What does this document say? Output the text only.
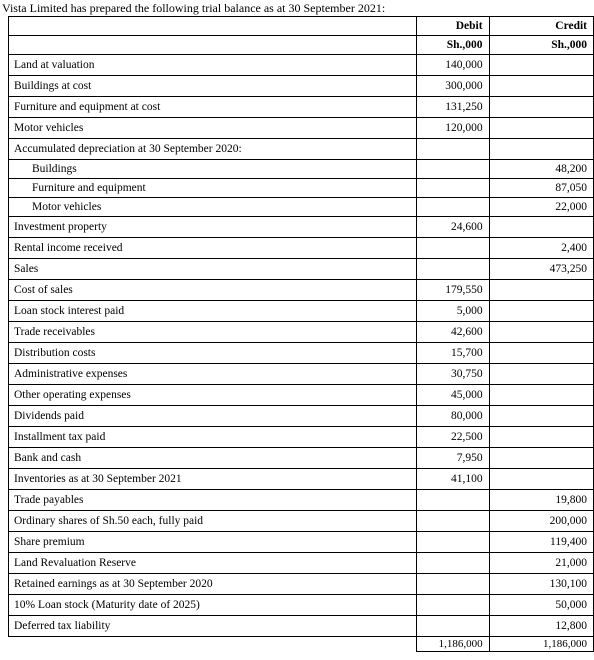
Vista Limited has prepared the following trial balance as at 30 September 2021:
	Debit	Credit
	Sh.,000	Sh.,000
Land at valuation	140,000	
Buildings at cost	300,000	
Furniture and equipment at cost	131,250	
Motor vehicles	120,000	
Accumulated depreciation at 30 September 2020:		
Buildings		48,200
Furniture and equipment		87,050
Motor vehicles		22,000
Investment property	24,600	
Rental income received		2,400
Sales		473,250
Cost of sales	179,550	
Loan stock interest paid	5,000	
Trade receivables	42,600	
Distribution costs	15,700	
Administrative expenses	30,750	
Other operating expenses	45,000	
Dividends paid	80,000	
Installment tax paid	22,500	
Bank and cash	7,950	
Inventories as at 30 September 2021	41,100	
Trade payables		19,800
Ordinary shares of Sh.50 each, fully paid		200,000
Share premium		119,400
Land Revaluation Reserve		21,000
Retained earnings as at 30 September 2020		130,100
10% Loan stock (Maturity date of 2025)		50,000
Deferred tax liability		12,800
	1,186,000	1,186,000
